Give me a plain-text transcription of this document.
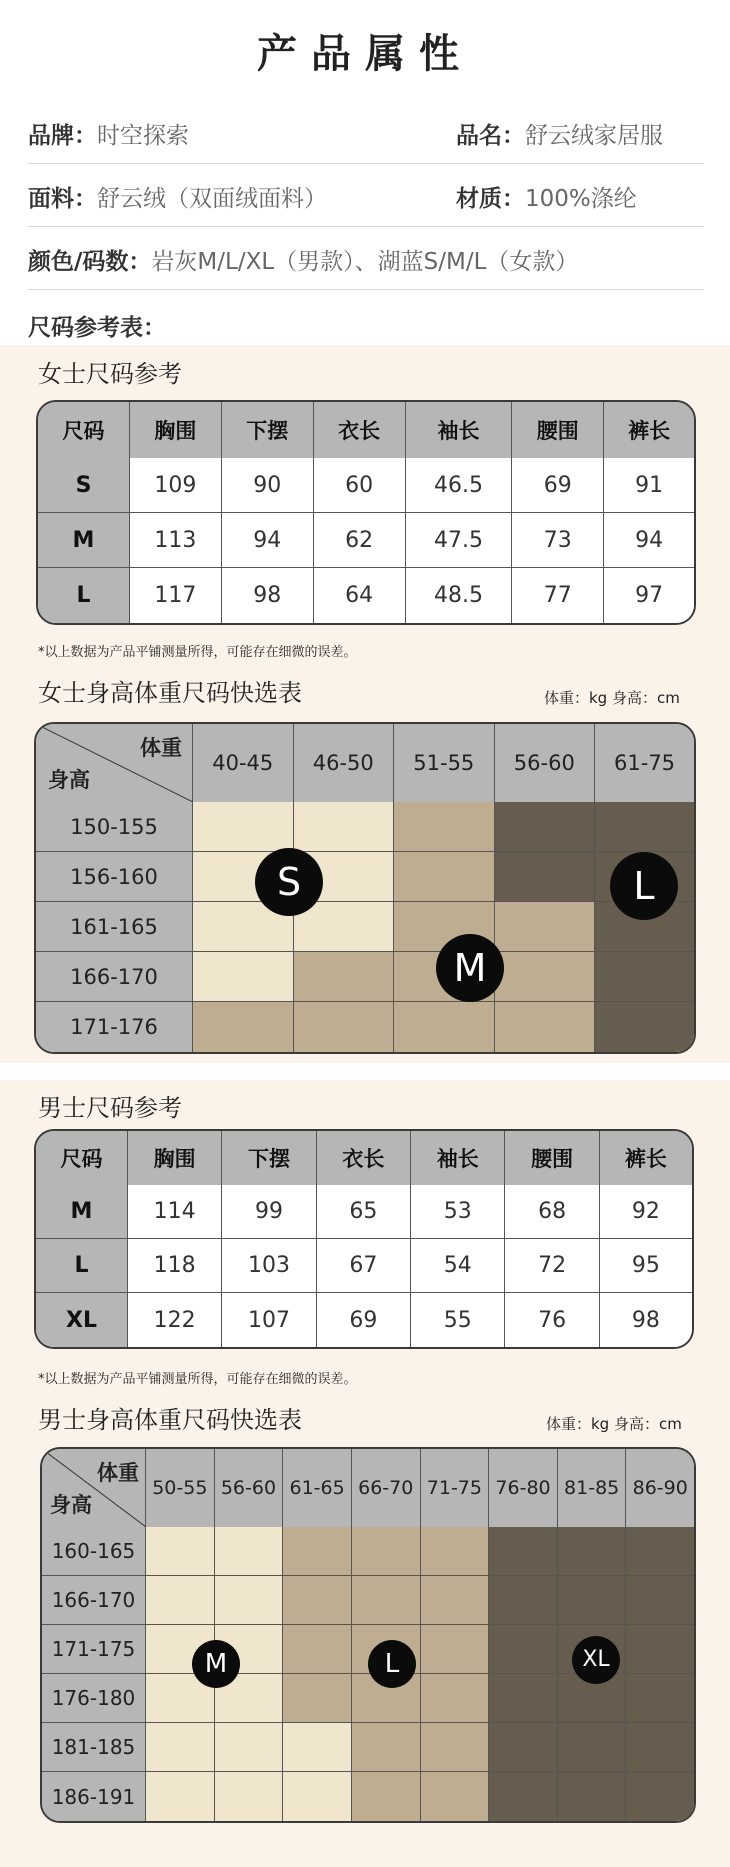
产品属性
品牌：时空探索	品名：舒云绒家居服
面料：舒云绒（双面绒面料）	材质：100%涤纶
颜色/码数：岩灰M/L/XL（男款）、湖蓝S/M/L（女款）
尺码参考表：
女士尺码参考
尺码	胸围	下摆	衣长	袖长	腰围	裤长
S	109	90	60	46.5	69	91
M	113	94	62	47.5	73	94
L	117	98	64	48.5	77	97
*以上数据为产品平铺测量所得，可能存在细微的误差。
女士身高体重尺码快选表	体重：kg 身高：cm
体重
身高	40-45	46-50	51-55	56-60	61-75
150-155					
156-160					
161-165					
166-170					
171-176					
S
M
L
男士尺码参考
尺码	胸围	下摆	衣长	袖长	腰围	裤长
M	114	99	65	53	68	92
L	118	103	67	54	72	95
XL	122	107	69	55	76	98
*以上数据为产品平铺测量所得，可能存在细微的误差。
男士身高体重尺码快选表	体重：kg 身高：cm
体重
身高	50-55	56-60	61-65	66-70	71-75	76-80	81-85	86-90
160-165								
166-170								
171-175								
176-180								
181-185								
186-191								
M	L	XL
